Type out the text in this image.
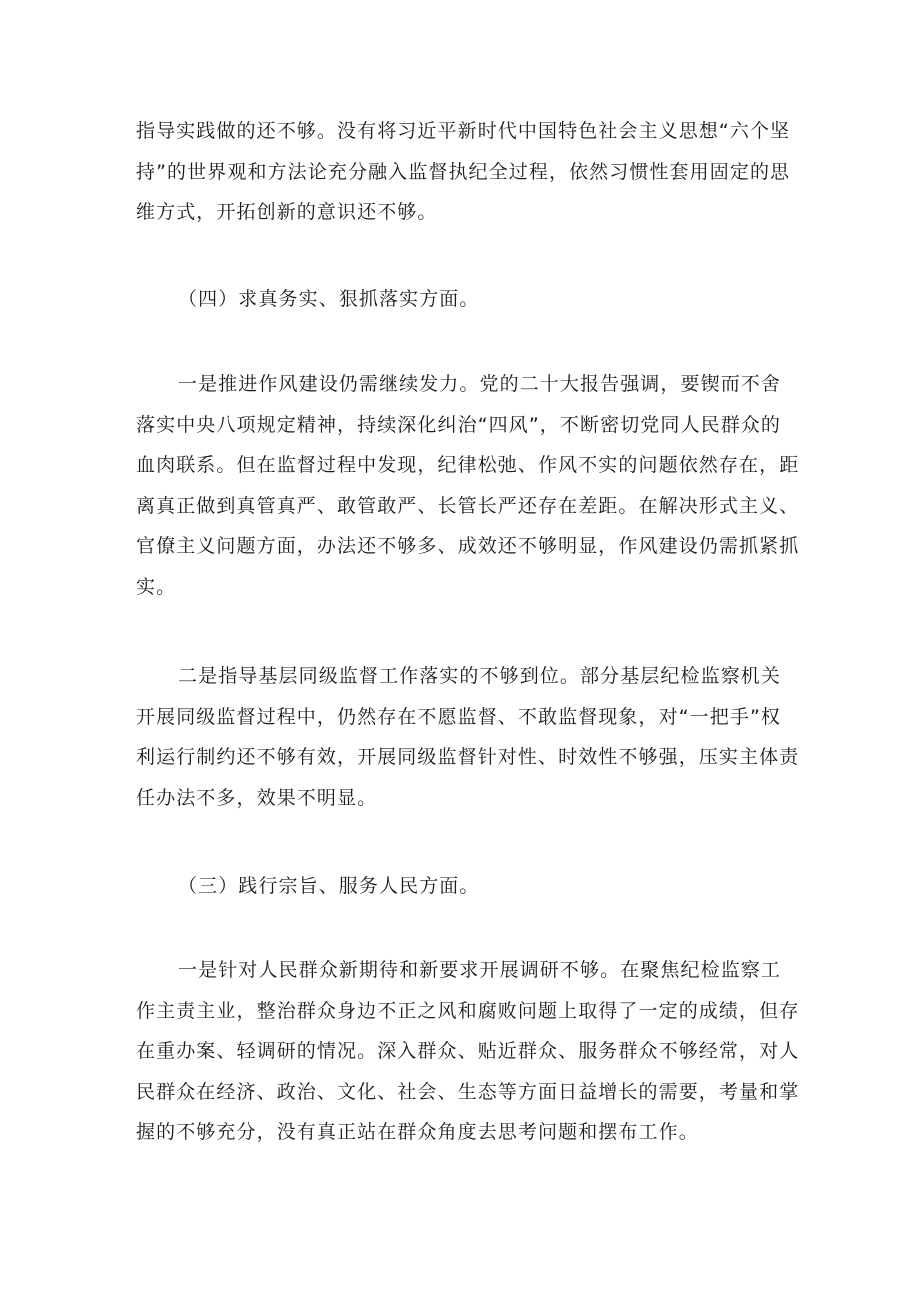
指导实践做的还不够。没有将习近平新时代中国特色社会主义思想“六个坚
持”的世界观和方法论充分融入监督执纪全过程，依然习惯性套用固定的思
维方式，开拓创新的意识还不够。
（四）求真务实、狠抓落实方面。
一是推进作风建设仍需继续发力。党的二十大报告强调，要锲而不舍
落实中央八项规定精神，持续深化纠治“四风”，不断密切党同人民群众的
血肉联系。但在监督过程中发现，纪律松弛、作风不实的问题依然存在，距
离真正做到真管真严、敢管敢严、长管长严还存在差距。在解决形式主义、
官僚主义问题方面，办法还不够多、成效还不够明显，作风建设仍需抓紧抓
实。
二是指导基层同级监督工作落实的不够到位。部分基层纪检监察机关
开展同级监督过程中，仍然存在不愿监督、不敢监督现象，对“一把手”权
利运行制约还不够有效，开展同级监督针对性、时效性不够强，压实主体责
任办法不多，效果不明显。
（三）践行宗旨、服务人民方面。
一是针对人民群众新期待和新要求开展调研不够。在聚焦纪检监察工
作主责主业，整治群众身边不正之风和腐败问题上取得了一定的成绩，但存
在重办案、轻调研的情况。深入群众、贴近群众、服务群众不够经常，对人
民群众在经济、政治、文化、社会、生态等方面日益增长的需要，考量和掌
握的不够充分，没有真正站在群众角度去思考问题和摆布工作。
